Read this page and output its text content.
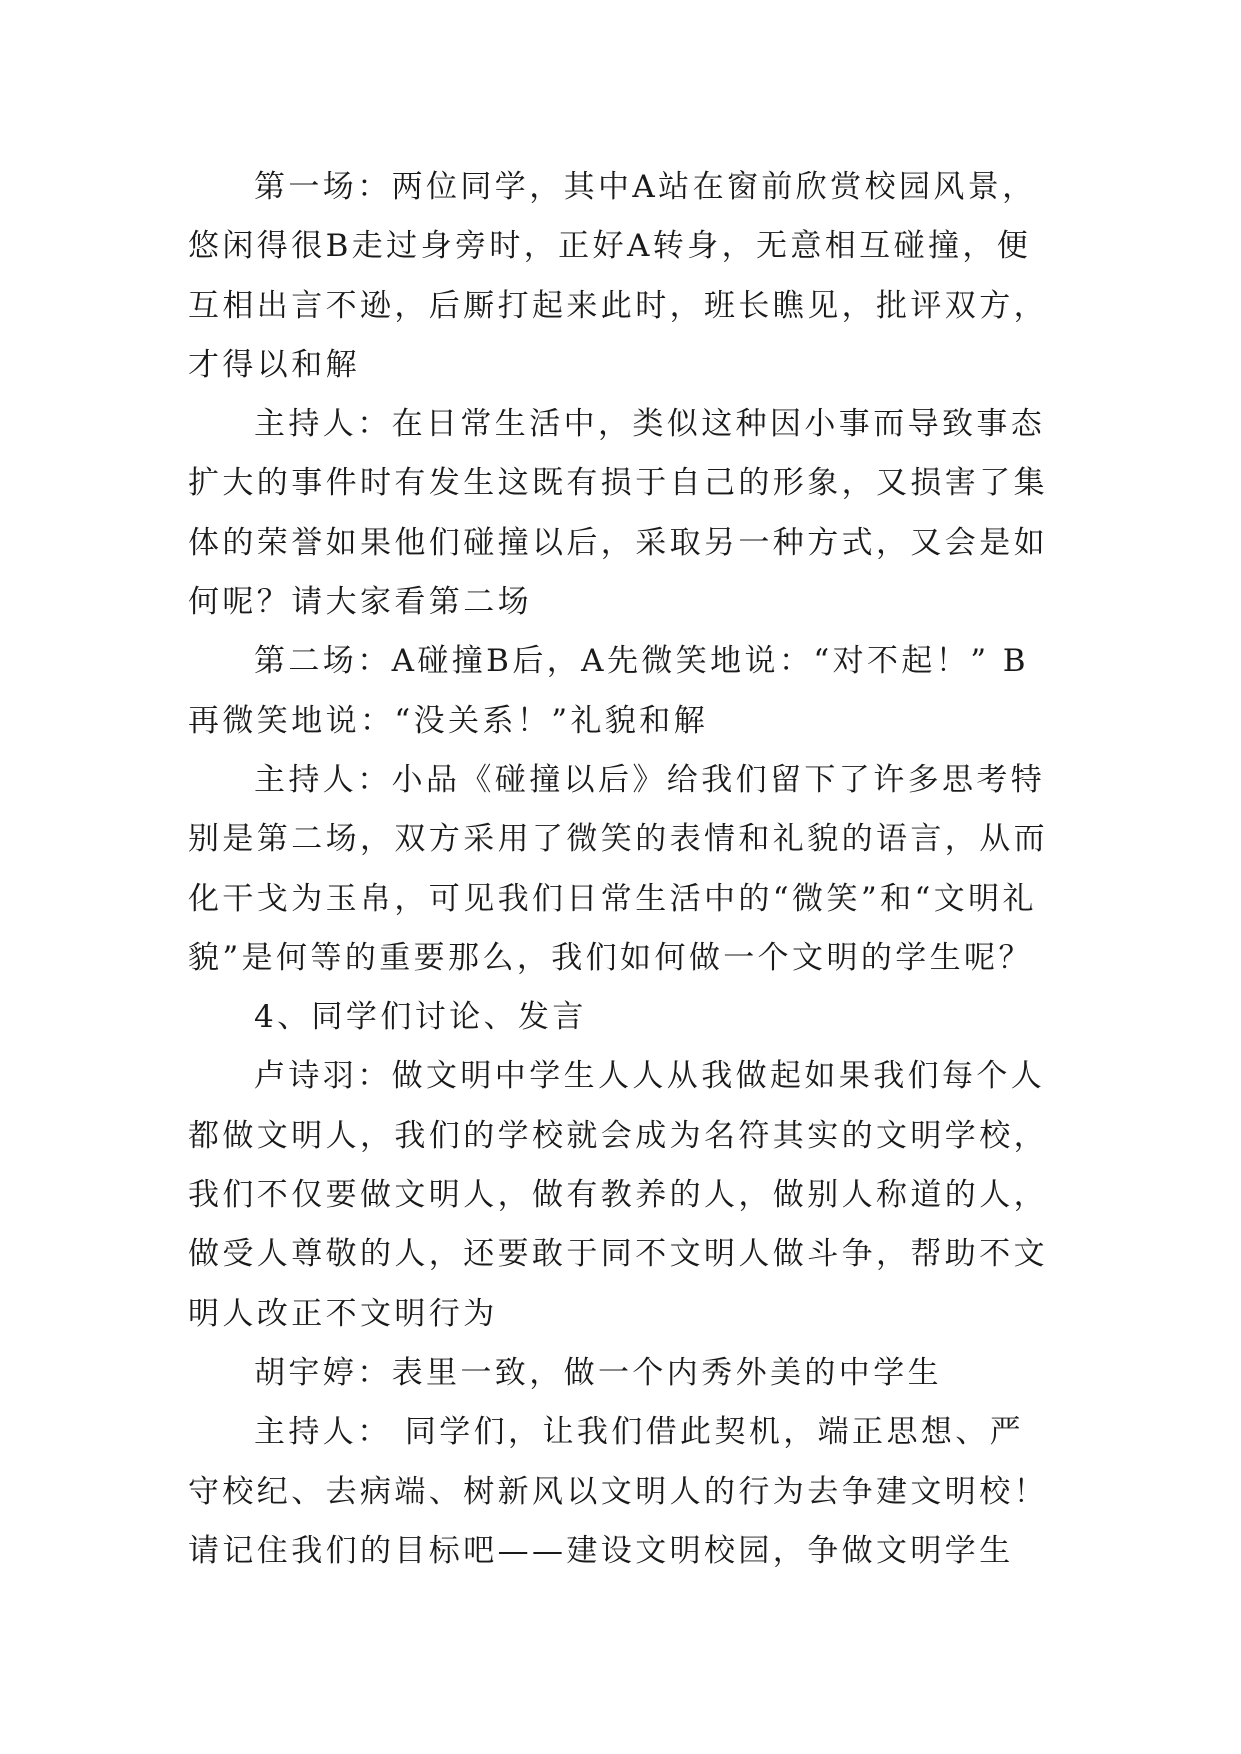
第一场：两位同学，其中A站在窗前欣赏校园风景，悠闲得很B走过身旁时，正好A转身，无意相互碰撞，便互相出言不逊，后厮打起来此时，班长瞧见，批评双方，才得以和解

主持人：在日常生活中，类似这种因小事而导致事态扩大的事件时有发生这既有损于自己的形象，又损害了集体的荣誉如果他们碰撞以后，采取另一种方式，又会是如何呢？请大家看第二场

第二场：A碰撞B后，A先微笑地说：“对不起！” B再微笑地说：“没关系！”礼貌和解

主持人：小品《碰撞以后》给我们留下了许多思考特别是第二场，双方采用了微笑的表情和礼貌的语言，从而化干戈为玉帛，可见我们日常生活中的“微笑”和“文明礼貌”是何等的重要那么，我们如何做一个文明的学生呢？

4、同学们讨论、发言

卢诗羽：做文明中学生人人从我做起如果我们每个人都做文明人，我们的学校就会成为名符其实的文明学校，我们不仅要做文明人，做有教养的人，做别人称道的人，做受人尊敬的人，还要敢于同不文明人做斗争，帮助不文明人改正不文明行为

胡宇婷：表里一致，做一个内秀外美的中学生

主持人： 同学们，让我们借此契机，端正思想、严守校纪、去病端、树新风以文明人的行为去争建文明校！请记住我们的目标吧——建设文明校园，争做文明学生
